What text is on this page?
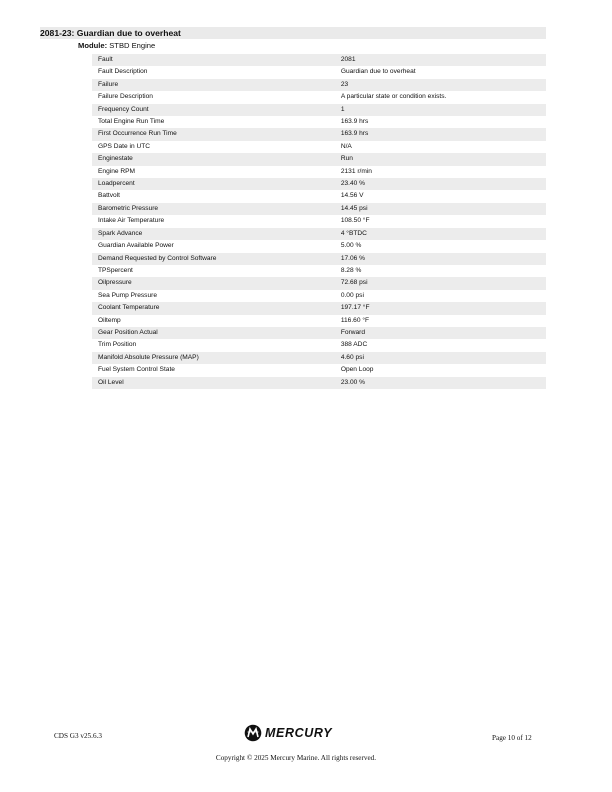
2081-23: Guardian due to overheat
Module: STBD Engine
Fault	2081
Fault Description	Guardian due to overheat
Failure	23
Failure Description	A particular state or condition exists.
Frequency Count	1
Total Engine Run Time	163.9 hrs
First Occurrence Run Time	163.9 hrs
GPS Date in UTC	N/A
Enginestate	Run
Engine RPM	2131 r/min
Loadpercent	23.40 %
Battvolt	14.56 V
Barometric Pressure	14.45 psi
Intake Air Temperature	108.50 °F
Spark Advance	4 °BTDC
Guardian Available Power	5.00 %
Demand Requested by Control Software	17.06 %
TPSpercent	8.28 %
Oilpressure	72.68 psi
Sea Pump Pressure	0.00 psi
Coolant Temperature	197.17 °F
Oiltemp	116.60 °F
Gear Position Actual	Forward
Trim Position	388 ADC
Manifold Absolute Pressure (MAP)	4.60 psi
Fuel System Control State	Open Loop
Oil Level	23.00 %
CDS G3 v25.6.3	MERCURY	Page 10 of 12
Copyright © 2025 Mercury Marine. All rights reserved.
